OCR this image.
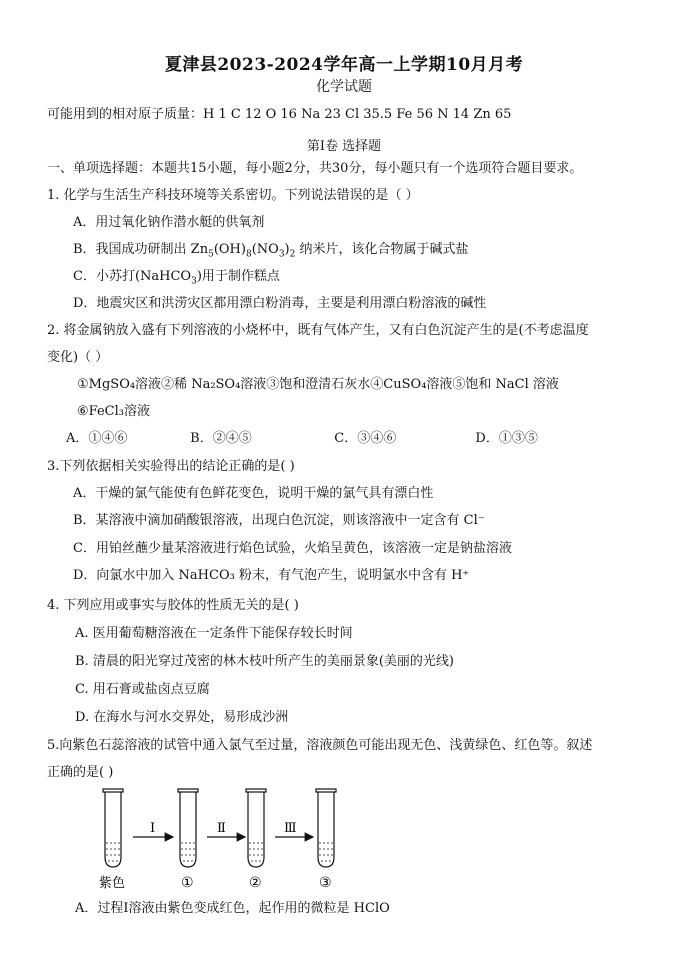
夏津县2023-2024学年高一上学期10月月考
化学试题
可能用到的相对原子质量：H 1 C 12 O 16 Na 23 Cl 35.5 Fe 56 N 14 Zn 65
第I卷 选择题
一、单项选择题：本题共15小题，每小题2分，共30分，每小题只有一个选项符合题目要求。
1. 化学与生活生产科技环境等关系密切。下列说法错误的是（ ）
A．用过氧化钠作潜水艇的供氧剂
B．我国成功研制出 $Zn_5(OH)_8(NO_3)_2$ 纳米片，该化合物属于碱式盐
C．小苏打(NaHCO$_3$)用于制作糕点
D．地震灾区和洪涝灾区都用漂白粉消毒，主要是利用漂白粉溶液的碱性
2. 将金属钠放入盛有下列溶液的小烧杯中，既有气体产生，又有白色沉淀产生的是(不考虑温度
变化)（ ）
①MgSO₄溶液②稀 Na₂SO₄溶液③饱和澄清石灰水④CuSO₄溶液⑤饱和 NaCl 溶液
⑥FeCl₃溶液
A．①④⑥	B．②④⑤	C．③④⑥	D．①③⑤
3.下列依据相关实验得出的结论正确的是( )
A．干燥的氯气能使有色鲜花变色，说明干燥的氯气具有漂白性
B．某溶液中滴加硝酸银溶液，出现白色沉淀，则该溶液中一定含有 Cl⁻
C．用铂丝蘸少量某溶液进行焰色试验，火焰呈黄色，该溶液一定是钠盐溶液
D．向氯水中加入 NaHCO₃ 粉末，有气泡产生，说明氯水中含有 H⁺
4. 下列应用或事实与胶体的性质无关的是( )
A. 医用葡萄糖溶液在一定条件下能保存较长时间
B. 清晨的阳光穿过茂密的林木枝叶所产生的美丽景象(美丽的光线)
C. 用石膏或盐卤点豆腐
D. 在海水与河水交界处，易形成沙洲
5.向紫色石蕊溶液的试管中通入氯气至过量，溶液颜色可能出现无色、浅黄绿色、红色等。叙述
正确的是( )
Ⅰ	Ⅱ	Ⅲ
紫色	①	②	③
A．过程Ⅰ溶液由紫色变成红色，起作用的微粒是 HClO
